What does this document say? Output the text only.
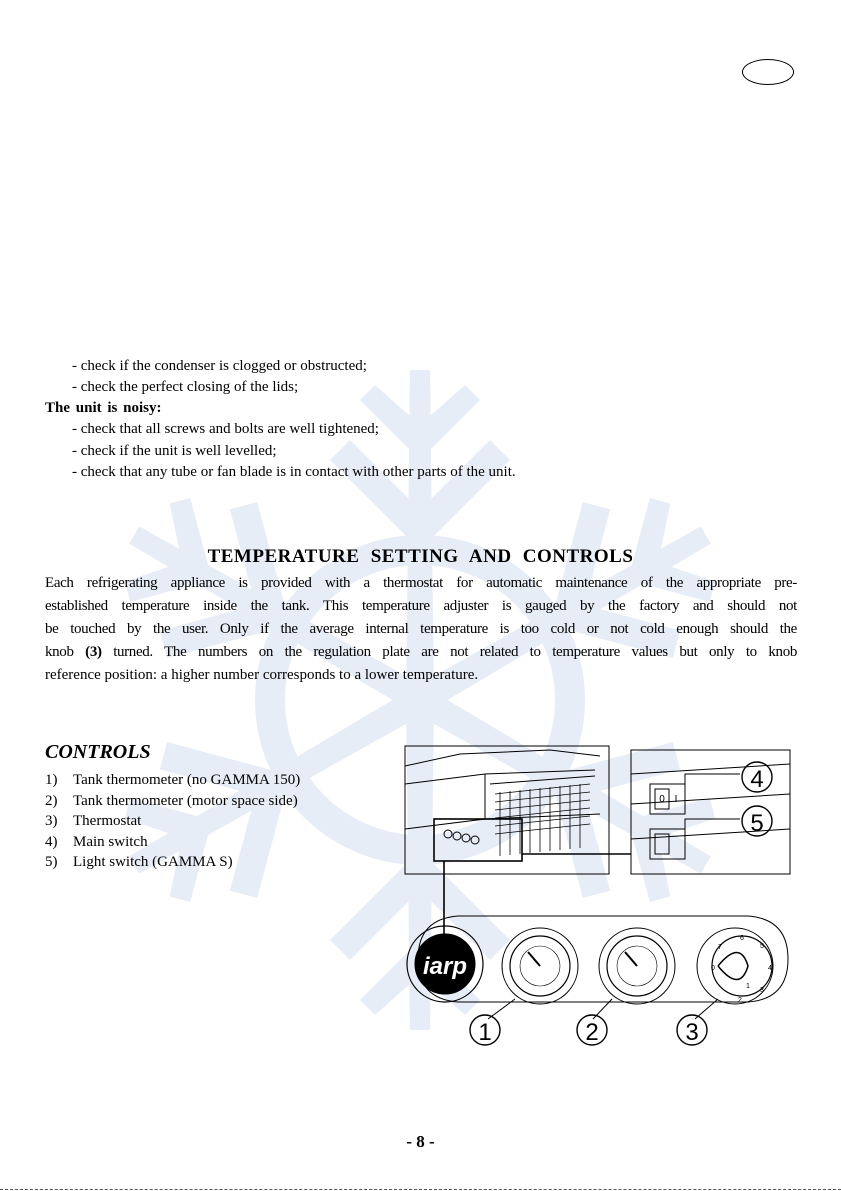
- check if the condenser is clogged or obstructed;
- check the perfect closing of the lids;
The unit is noisy:
- check that all screws and bolts are well tightened;
- check if the unit is well levelled;
- check that any tube or fan blade is in contact with other parts of the unit.
TEMPERATURE SETTING AND CONTROLS
Each refrigerating appliance is provided with a thermostat for automatic maintenance of the appropriate pre-
established temperature inside the tank. This temperature adjuster is gauged by the factory and should not
be touched by the user. Only if the average internal temperature is too cold or not cold enough should the
knob (3) turned. The numbers on the regulation plate are not related to temperature values but only to knob
reference position: a higher number corresponds to a lower temperature.
CONTROLS
1)	Tank thermometer (no GAMMA 150)
2)	Tank thermometer (motor space side)
3)	Thermostat
4)	Main switch
5)	Light switch (GAMMA S)
iarp
1	2	3
4
5
I
0
1
2
3
4
5
6
7
0
- 8 -
